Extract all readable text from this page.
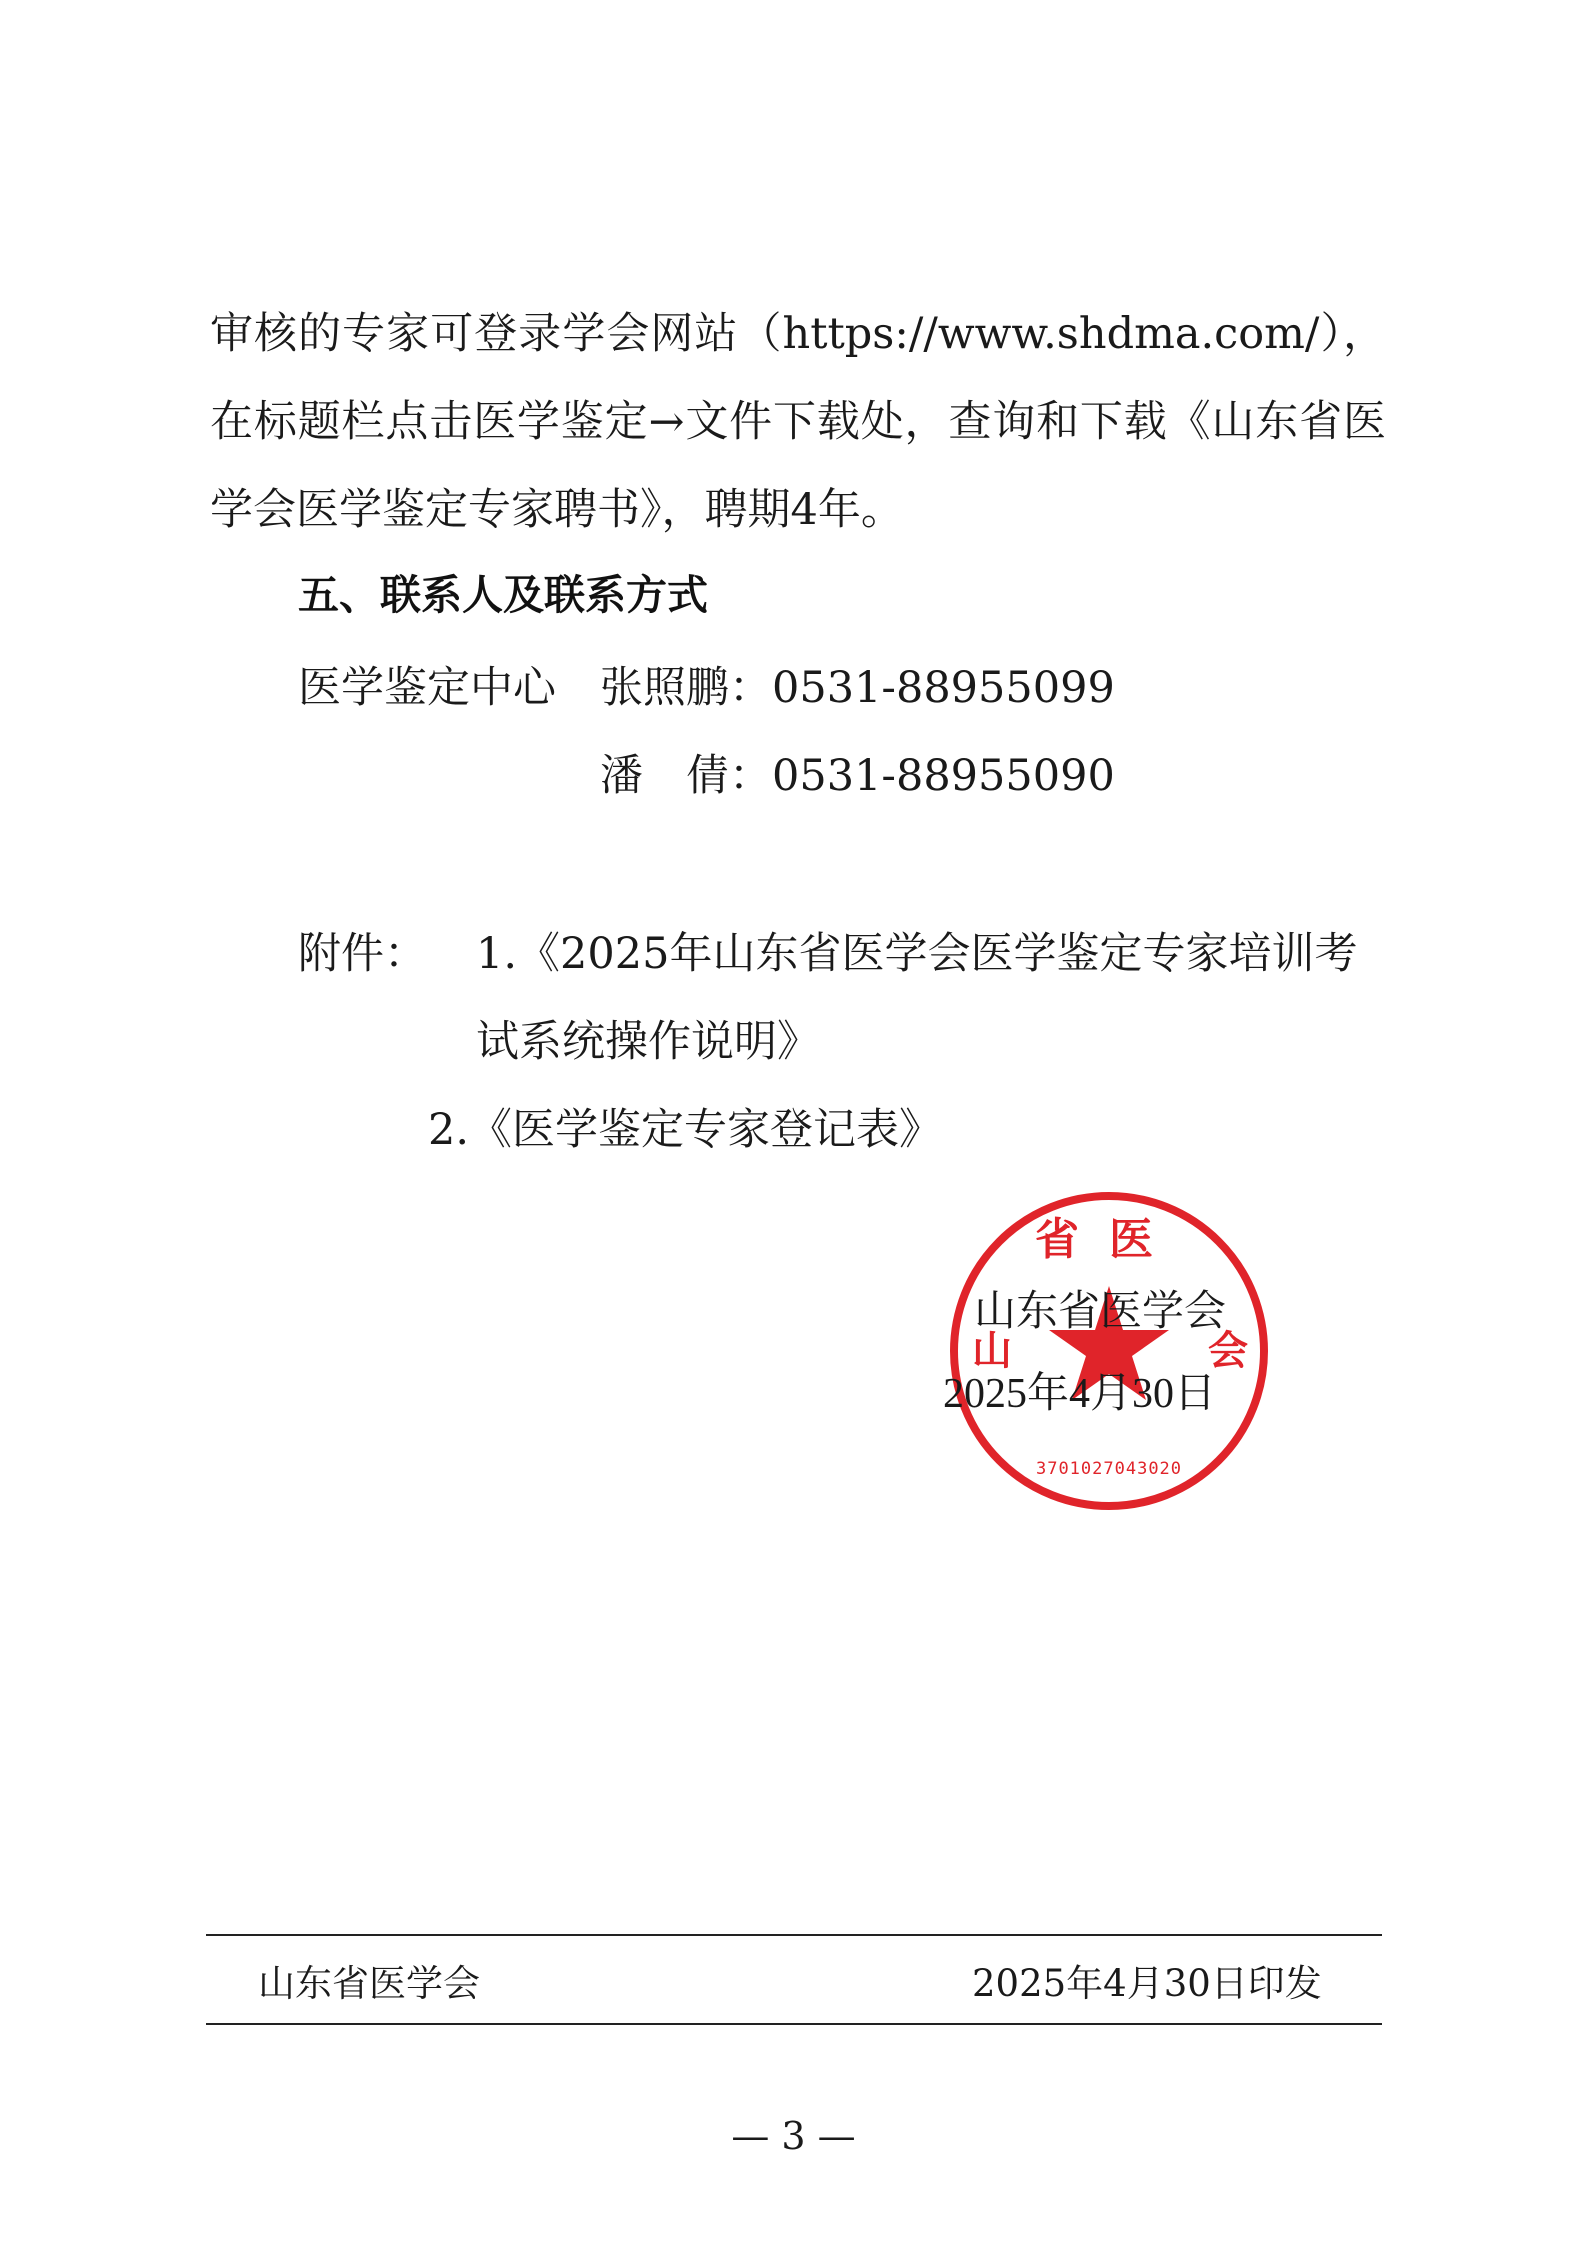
审核的专家可登录学会网站（https://www.shdma.com/），在标题栏点击医学鉴定→文件下载处，查询和下载《山东省医学会医学鉴定专家聘书》，聘期4年。
五、联系人及联系方式
医学鉴定中心 张照鹏：0531-88955099
潘　倩：0531-88955090
附件： 1.《2025年山东省医学会医学鉴定专家培训考试系统操作说明》
2.《医学鉴定专家登记表》
省医
山	会
3701027043020
山东省医学会
2025年4月30日
山东省医学会	2025年4月30日印发
— 3 —
